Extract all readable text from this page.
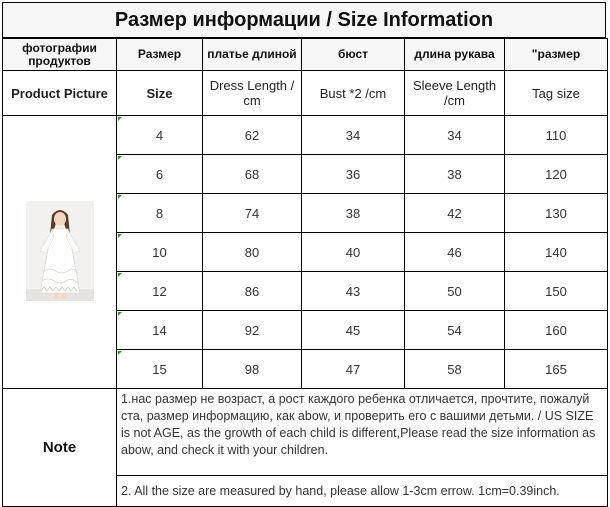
Размер информации / Size Information
фотографии продуктов	Размер	платье длиной	бюст	длина рукава	"размер
Product Picture	Size	Dress Length / cm	Bust *2 /cm	Sleeve Length /cm	Tag size

4	62	34	34	110

6	68	36	38	120

8	74	38	42	130

10	80	40	46	140

12	86	43	50	150

14	92	45	54	160

15	98	47	58	165
Note	1.нас размер не возраст, а рост каждого ребенка отличается, прочтите, пожалуй ста, размер информацию, как abow, и проверить его с вашими детьми. / US SIZE is not AGE, as the growth of each child is different,Please read the size information as abow, and check it with your children.				
	2. All the size are measured by hand, please allow 1-3cm errow. 1cm=0.39inch.				
